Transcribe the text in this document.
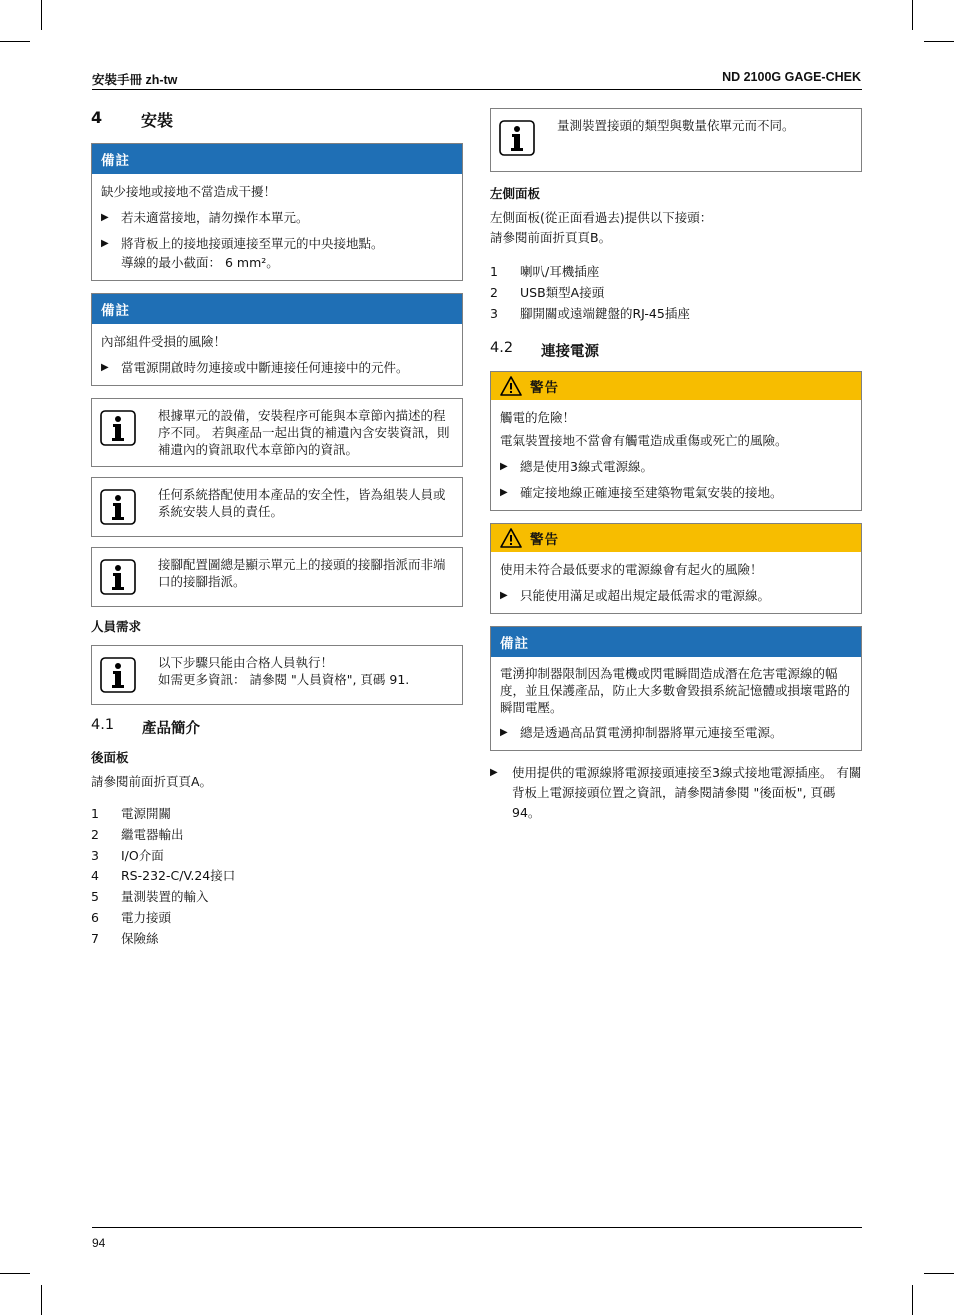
安裝手冊 zh-tw	ND 2100G GAGE-CHEK
4	安裝
備註
缺少接地或接地不當造成干擾！
▶ 若未適當接地，請勿操作本單元。
▶ 將背板上的接地接頭連接至單元的中央接地點。
導線的最小截面： 6 mm²。
備註
內部組件受損的風險！
▶ 當電源開啟時勿連接或中斷連接任何連接中的元件。
根據單元的設備，安裝程序可能與本章節內描述的程序不同。 若與產品一起出貨的補遺內含安裝資訊，則補遺內的資訊取代本章節內的資訊。
任何系統搭配使用本產品的安全性，皆為組裝人員或系統安裝人員的責任。
接腳配置圖總是顯示單元上的接頭的接腳指派而非端口的接腳指派。
人員需求
以下步驟只能由合格人員執行！
如需更多資訊： 請參閱 "人員資格", 頁碼 91.
4.1	產品簡介
後面板
請參閱前面折頁頁A。
1	電源開關
2	繼電器輸出
3	I/O介面
4	RS-232-C/V.24接口
5	量測裝置的輸入
6	電力接頭
7	保險絲
量測裝置接頭的類型與數量依單元而不同。
左側面板
左側面板(從正面看過去)提供以下接頭：
請參閱前面折頁頁B。
1	喇叭/耳機插座
2	USB類型A接頭
3	腳開關或遠端鍵盤的RJ-45插座
4.2	連接電源
警告
觸電的危險！
電氣裝置接地不當會有觸電造成重傷或死亡的風險。
▶ 總是使用3線式電源線。
▶ 確定接地線正確連接至建築物電氣安裝的接地。
警告
使用未符合最低要求的電源線會有起火的風險！
▶ 只能使用滿足或超出規定最低需求的電源線。
備註
電湧抑制器限制因為電機或閃電瞬間造成潛在危害電源線的幅度，並且保護產品，防止大多數會毀損系統記憶體或損壞電路的瞬間電壓。
▶ 總是透過高品質電湧抑制器將單元連接至電源。
▶	使用提供的電源線將電源接頭連接至3線式接地電源插座。 有關背板上電源接頭位置之資訊，請參閱請參閱 "後面板", 頁碼 94。
94
